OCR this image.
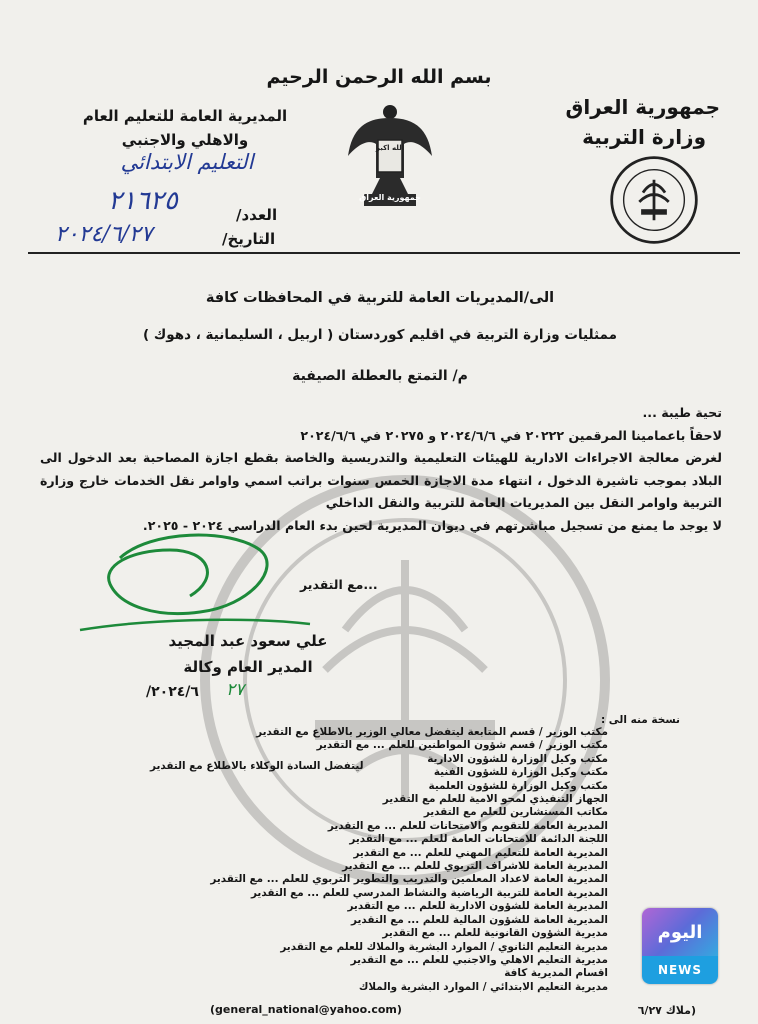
بسم الله الرحمن الرحيم
جمهورية العراق
وزارة التربية
جمهورية العراق
الله اكبر
المديرية العامة للتعليم العام
والاهلي والاجنبي
التعليم الابتدائي
العدد/
٢١٦٢٥
التاريخ/
٢٠٢٤/٦/٢٧
الى/المديريات العامة للتربية في المحافظات كافة
ممثليات وزارة التربية في اقليم كوردستان ( اربيل ، السليمانية ، دهوك )
م/ التمتع بالعطلة الصيفية
تحية طيبة ...
لاحقاً باعمامينا المرقمين ٢٠٢٢٢ في ٢٠٢٤/٦/٦ و ٢٠٢٧٥ في ٢٠٢٤/٦/٦
لغرض معالجة الاجراءات الادارية للهيئات التعليمية والتدريسية والخاصة بقطع اجازة المصاحبة بعد الدخول الى البلاد بموجب تاشيرة الدخول ، انتهاء مدة الاجازة الخمس سنوات براتب اسمي واوامر نقل الخدمات خارج وزارة التربية واوامر النقل بين المديريات العامة للتربية والنقل الداخلي
لا يوجد ما يمنع من تسجيل مباشرتهم في ديوان المديرية لحين بدء العام الدراسي ٢٠٢٤ - ٢٠٢٥.
...مع التقدير
علي سعود عبد المجيد
المدير العام وكالة
/٢٠٢٤/٦ ٢٧
نسخة منه الى :
مكتب الوزير / قسم المتابعة ليتفضل معالي الوزير بالاطلاع مع التقدير
مكتب الوزير / قسم شؤون المواطنين للعلم ... مع التقدير
مكتب وكيل الوزارة للشؤون الادارية
مكتب وكيل الوزارة للشؤون الفنية
مكتب وكيل الوزارة للشؤون العلمية
الجهاز التنفيذي لمحو الامية للعلم مع التقدير
مكاتب المستشارين للعلم مع التقدير
المديرية العامة للتقويم والامتحانات للعلم ... مع التقدير
اللجنة الدائمة للامتحانات العامة للعلم ... مع التقدير
المديرية العامة للتعليم المهني للعلم ... مع التقدير
المديرية العامة للاشراف التربوي للعلم ... مع التقدير
المديرية العامة لاعداد المعلمين والتدريب والتطوير التربوي للعلم ... مع التقدير
المديرية العامة للتربية الرياضية والنشاط المدرسي للعلم ... مع التقدير
المديرية العامة للشؤون الادارية للعلم ... مع التقدير
المديرية العامة للشؤون المالية للعلم ... مع التقدير
مديرية الشؤون القانونية للعلم ... مع التقدير
مديرية التعليم الثانوي / الموارد البشرية والملاك للعلم مع التقدير
مديرية التعليم الاهلي والاجنبي للعلم ... مع التقدير
اقسام المديرية كافة
مديرية التعليم الابتدائي / الموارد البشرية والملاك
ليتفضل السادة الوكلاء بالاطلاع مع التقدير
(general_national@yahoo.com)	(ملاك ٦/٢٧
اليوم
NEWS
